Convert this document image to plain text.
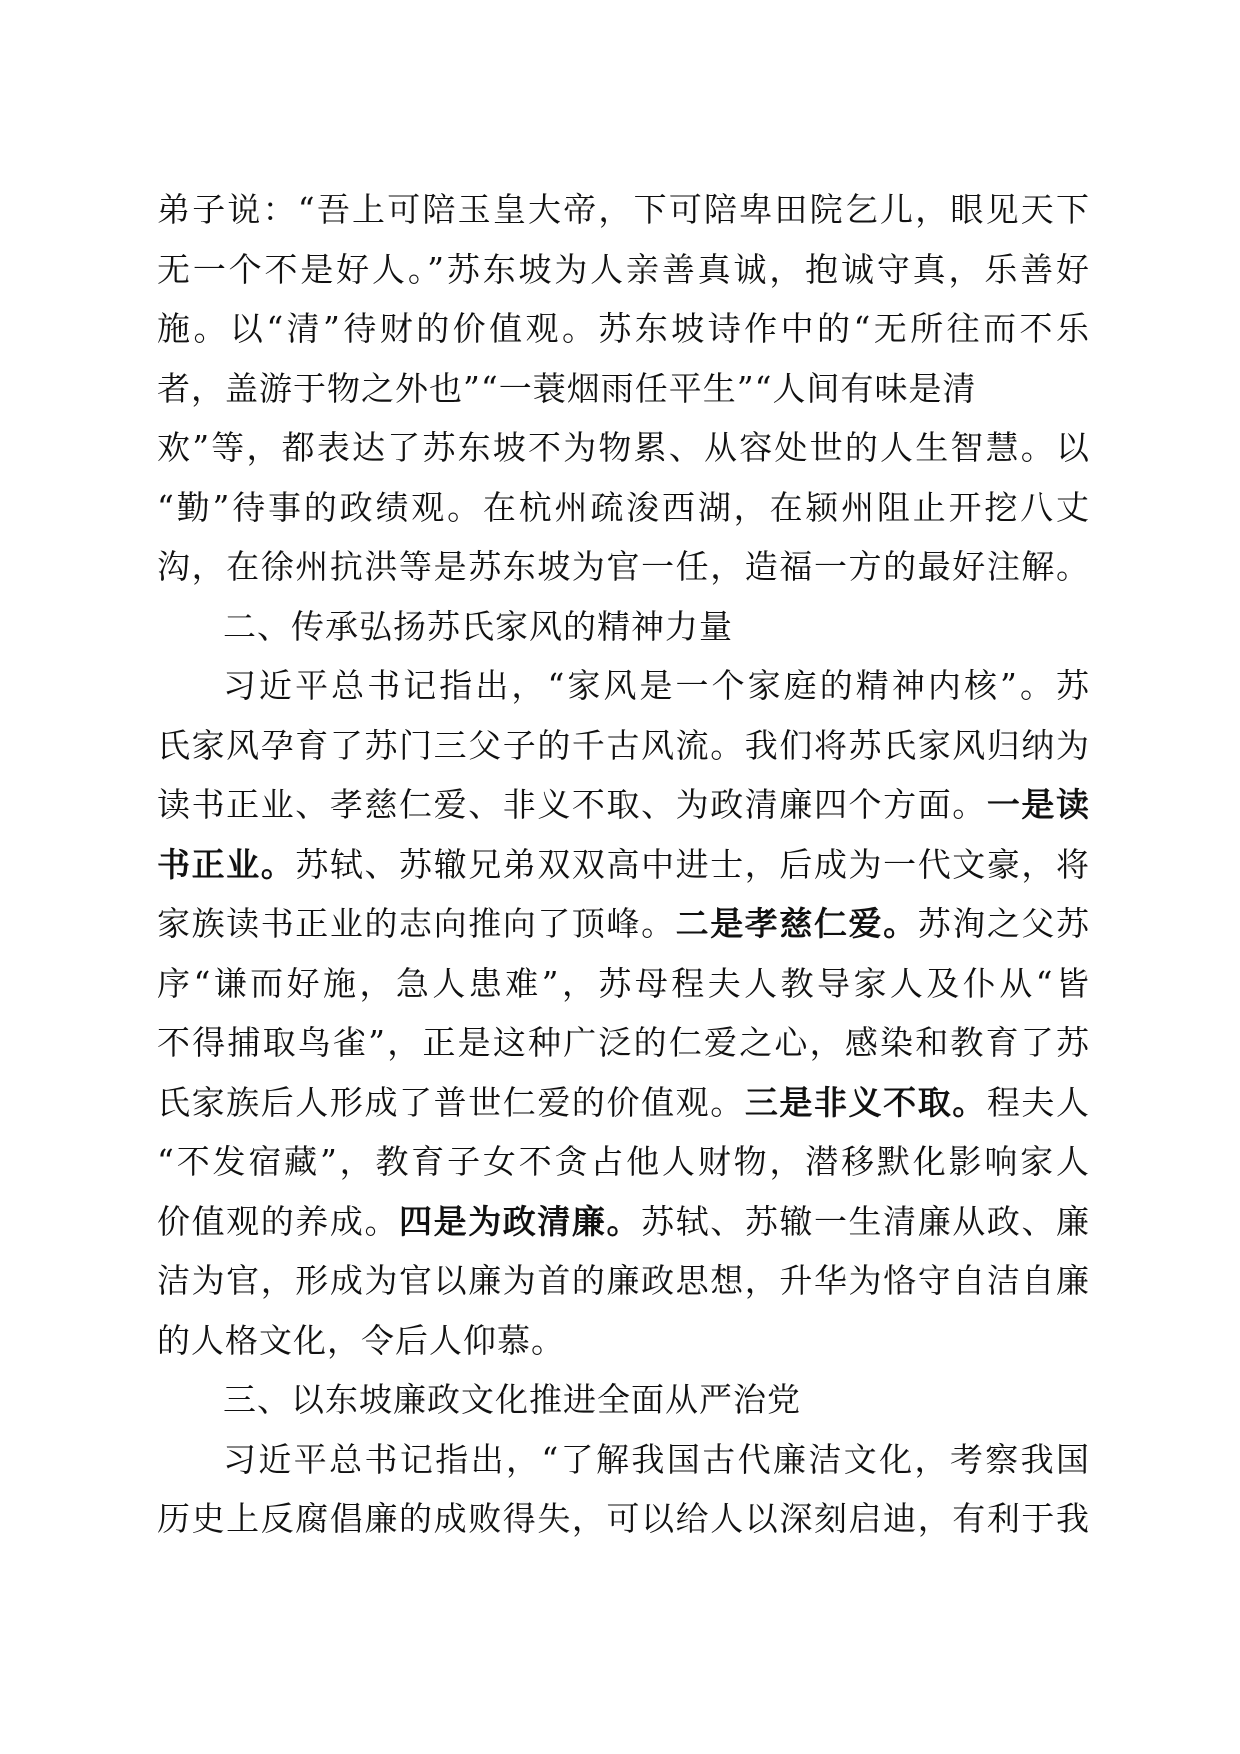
弟子说：“吾上可陪玉皇大帝，下可陪卑田院乞儿，眼见天下
无一个不是好人。”苏东坡为人亲善真诚，抱诚守真，乐善好
施。以“清”待财的价值观。苏东坡诗作中的“无所往而不乐
者，盖游于物之外也”“一蓑烟雨任平生”“人间有味是清
欢”等，都表达了苏东坡不为物累、从容处世的人生智慧。以
“勤”待事的政绩观。在杭州疏浚西湖，在颍州阻止开挖八丈
沟，在徐州抗洪等是苏东坡为官一任，造福一方的最好注解。
二、传承弘扬苏氏家风的精神力量
习近平总书记指出，“家风是一个家庭的精神内核”。苏
氏家风孕育了苏门三父子的千古风流。我们将苏氏家风归纳为
读书正业、孝慈仁爱、非义不取、为政清廉四个方面。一是读
书正业。苏轼、苏辙兄弟双双高中进士，后成为一代文豪，将
家族读书正业的志向推向了顶峰。二是孝慈仁爱。苏洵之父苏
序“谦而好施，急人患难”，苏母程夫人教导家人及仆从“皆
不得捕取鸟雀”，正是这种广泛的仁爱之心，感染和教育了苏
氏家族后人形成了普世仁爱的价值观。三是非义不取。程夫人
“不发宿藏”，教育子女不贪占他人财物，潜移默化影响家人
价值观的养成。四是为政清廉。苏轼、苏辙一生清廉从政、廉
洁为官，形成为官以廉为首的廉政思想，升华为恪守自洁自廉
的人格文化，令后人仰慕。
三、以东坡廉政文化推进全面从严治党
习近平总书记指出，“了解我国古代廉洁文化，考察我国
历史上反腐倡廉的成败得失，可以给人以深刻启迪，有利于我
